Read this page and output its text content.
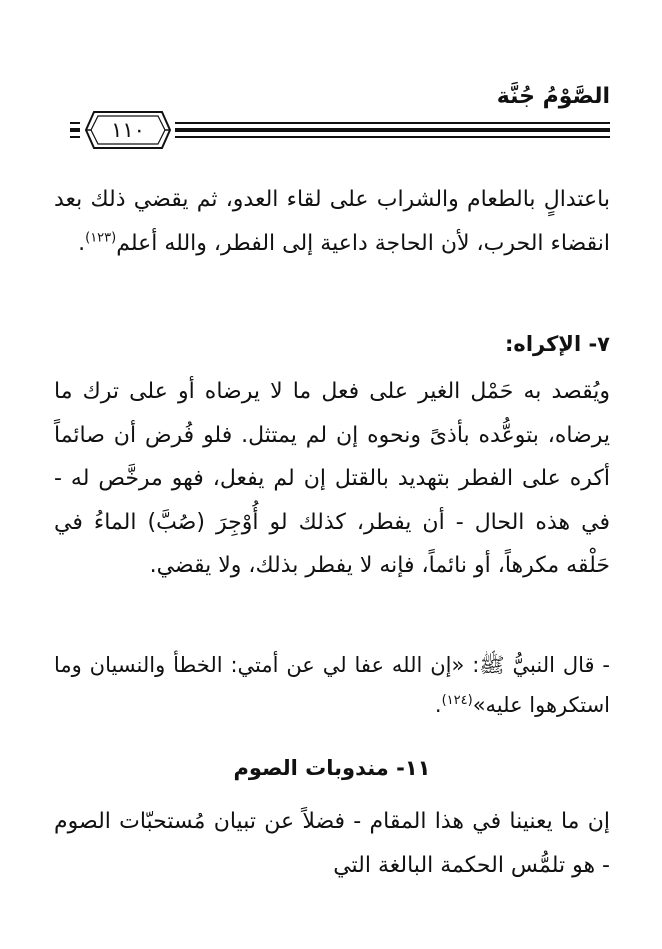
الصَّوْمُ جُنَّة
١١٠

باعتدالٍ بالطعام والشراب على لقاء العدو، ثم يقضي ذلك بعد انقضاء الحرب، لأن الحاجة داعية إلى الفطر، والله أعلم$^{(١٢٣)}$.

٧- الإكراه:

ويُقصد به حَمْل الغير على فعل ما لا يرضاه أو على ترك ما يرضاه، بتوعُّده بأذىً ونحوه إن لم يمتثل. فلو فُرض أن صائماً أكره على الفطر بتهديد بالقتل إن لم يفعل، فهو مرخَّص له - في هذه الحال - أن يفطر، كذلك لو أُوْجِرَ (صُبَّ) الماءُ في حَلْقه مكرهاً، أو نائماً، فإنه لا يفطر بذلك، ولا يقضي.

- قال النبيُّ ﷺ: «إن الله عفا لي عن أمتي: الخطأ والنسيان وما استكرهوا عليه»$^{(١٢٤)}$.

١١- مندوبات الصوم

إن ما يعنينا في هذا المقام - فضلاً عن تبيان مُستحبّات الصوم - هو تلمُّس الحكمة البالغة التي
